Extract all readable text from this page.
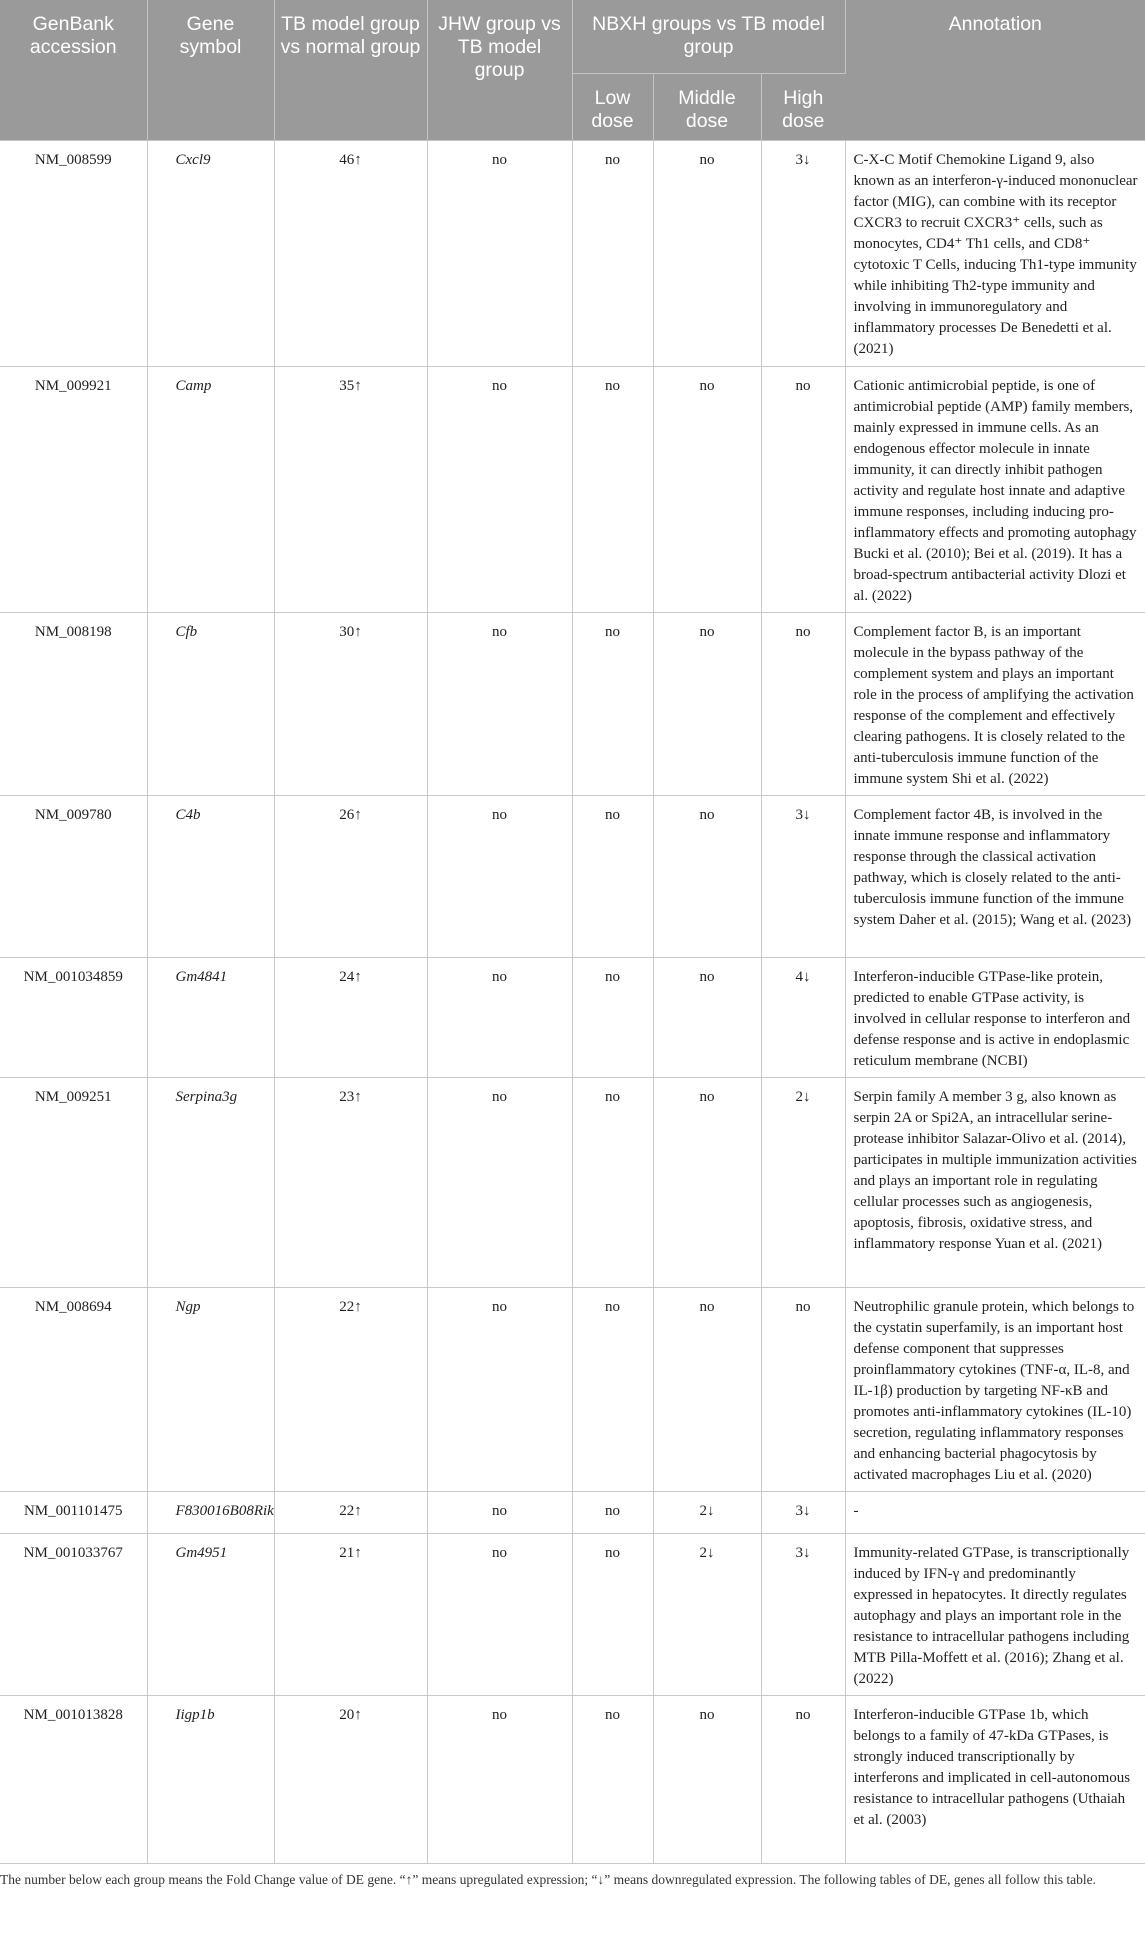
GenBank accession	Gene symbol	TB model group vs normal group	JHW group vs TB model group	NBXH groups vs TB model group			Annotation
				Low dose	Middle dose	High dose	
NM_008599	Cxcl9	46↑	no	no	no	3↓	C-X-C Motif Chemokine Ligand 9, also known as an interferon-γ-induced mononuclear factor (MIG), can combine with its receptor CXCR3 to recruit CXCR3⁺ cells, such as monocytes, CD4⁺ Th1 cells, and CD8⁺ cytotoxic T Cells, inducing Th1-type immunity while inhibiting Th2-type immunity and involving in immunoregulatory and inflammatory processes De Benedetti et al. (2021)
NM_009921	Camp	35↑	no	no	no	no	Cationic antimicrobial peptide, is one of antimicrobial peptide (AMP) family members, mainly expressed in immune cells. As an endogenous effector molecule in innate immunity, it can directly inhibit pathogen activity and regulate host innate and adaptive immune responses, including inducing pro-inflammatory effects and promoting autophagy Bucki et al. (2010); Bei et al. (2019). It has a broad-spectrum antibacterial activity Dlozi et al. (2022)
NM_008198	Cfb	30↑	no	no	no	no	Complement factor B, is an important molecule in the bypass pathway of the complement system and plays an important role in the process of amplifying the activation response of the complement and effectively clearing pathogens. It is closely related to the anti-tuberculosis immune function of the immune system Shi et al. (2022)
NM_009780	C4b	26↑	no	no	no	3↓	Complement factor 4B, is involved in the innate immune response and inflammatory response through the classical activation pathway, which is closely related to the anti-tuberculosis immune function of the immune system Daher et al. (2015); Wang et al. (2023)
NM_001034859	Gm4841	24↑	no	no	no	4↓	Interferon-inducible GTPase-like protein, predicted to enable GTPase activity, is involved in cellular response to interferon and defense response and is active in endoplasmic reticulum membrane (NCBI)
NM_009251	Serpina3g	23↑	no	no	no	2↓	Serpin family A member 3 g, also known as serpin 2A or Spi2A, an intracellular serine-protease inhibitor Salazar-Olivo et al. (2014), participates in multiple immunization activities and plays an important role in regulating cellular processes such as angiogenesis, apoptosis, fibrosis, oxidative stress, and inflammatory response Yuan et al. (2021)
NM_008694	Ngp	22↑	no	no	no	no	Neutrophilic granule protein, which belongs to the cystatin superfamily, is an important host defense component that suppresses proinflammatory cytokines (TNF-α, IL-8, and IL-1β) production by targeting NF-κB and promotes anti-inflammatory cytokines (IL-10) secretion, regulating inflammatory responses and enhancing bacterial phagocytosis by activated macrophages Liu et al. (2020)
NM_001101475	F830016B08Rik	22↑	no	no	2↓	3↓	-
NM_001033767	Gm4951	21↑	no	no	2↓	3↓	Immunity-related GTPase, is transcriptionally induced by IFN-γ and predominantly expressed in hepatocytes. It directly regulates autophagy and plays an important role in the resistance to intracellular pathogens including MTB Pilla-Moffett et al. (2016); Zhang et al. (2022)
NM_001013828	Iigp1b	20↑	no	no	no	no	Interferon-inducible GTPase 1b, which belongs to a family of 47-kDa GTPases, is strongly induced transcriptionally by interferons and implicated in cell-autonomous resistance to intracellular pathogens (Uthaiah et al. (2003)

The number below each group means the Fold Change value of DE gene. “↑” means upregulated expression; “↓” means downregulated expression. The following tables of DE, genes all follow this table.
